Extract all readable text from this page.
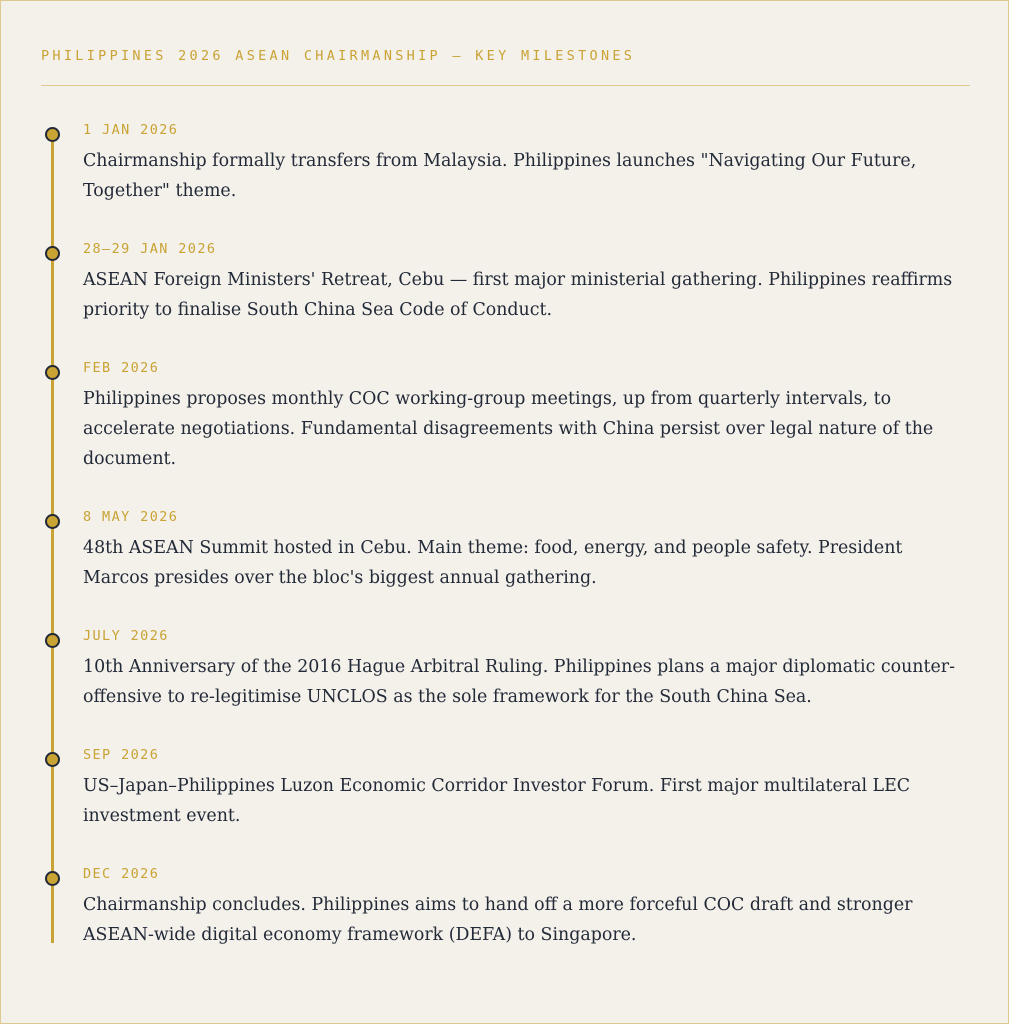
PHILIPPINES 2026 ASEAN CHAIRMANSHIP — KEY MILESTONES
1 JAN 2026
Chairmanship formally transfers from Malaysia. Philippines launches "Navigating Our Future, Together" theme.
28–29 JAN 2026
ASEAN Foreign Ministers' Retreat, Cebu — first major ministerial gathering. Philippines reaffirms priority to finalise South China Sea Code of Conduct.
FEB 2026
Philippines proposes monthly COC working-group meetings, up from quarterly intervals, to accelerate negotiations. Fundamental disagreements with China persist over legal nature of the document.
8 MAY 2026
48th ASEAN Summit hosted in Cebu. Main theme: food, energy, and people safety. President Marcos presides over the bloc's biggest annual gathering.
JULY 2026
10th Anniversary of the 2016 Hague Arbitral Ruling. Philippines plans a major diplomatic counter-offensive to re-legitimise UNCLOS as the sole framework for the South China Sea.
SEP 2026
US–Japan–Philippines Luzon Economic Corridor Investor Forum. First major multilateral LEC investment event.
DEC 2026
Chairmanship concludes. Philippines aims to hand off a more forceful COC draft and stronger ASEAN-wide digital economy framework (DEFA) to Singapore.
